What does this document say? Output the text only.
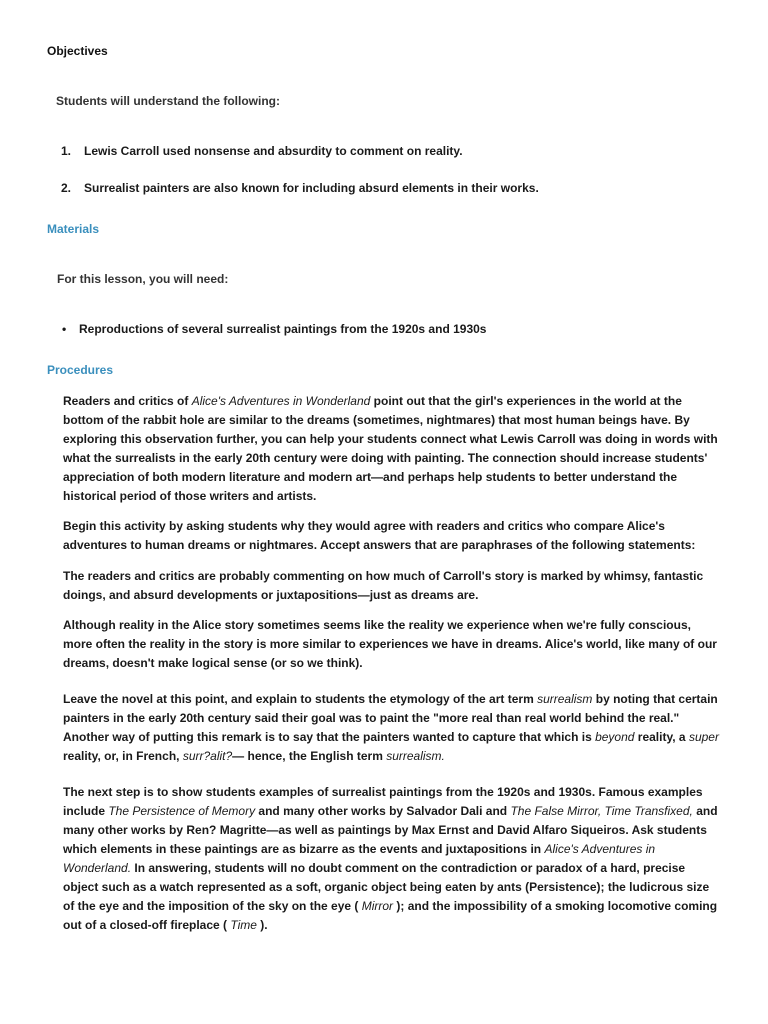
Objectives

Students will understand the following:

1. Lewis Carroll used nonsense and absurdity to comment on reality.
2. Surrealist painters are also known for including absurd elements in their works.
Materials

For this lesson, you will need:

• Reproductions of several surrealist paintings from the 1920s and 1930s
Procedures

Readers and critics of Alice's Adventures in Wonderland point out that the girl's experiences in the world at the bottom of the rabbit hole are similar to the dreams (sometimes, nightmares) that most human beings have. By exploring this observation further, you can help your students connect what Lewis Carroll was doing in words with what the surrealists in the early 20th century were doing with painting. The connection should increase students' appreciation of both modern literature and modern art—and perhaps help students to better understand the historical period of those writers and artists.

Begin this activity by asking students why they would agree with readers and critics who compare Alice's adventures to human dreams or nightmares. Accept answers that are paraphrases of the following statements:

The readers and critics are probably commenting on how much of Carroll's story is marked by whimsy, fantastic doings, and absurd developments or juxtapositions—just as dreams are.

Although reality in the Alice story sometimes seems like the reality we experience when we're fully conscious, more often the reality in the story is more similar to experiences we have in dreams. Alice's world, like many of our dreams, doesn't make logical sense (or so we think).

Leave the novel at this point, and explain to students the etymology of the art term surrealism by noting that certain painters in the early 20th century said their goal was to paint the "more real than real world behind the real." Another way of putting this remark is to say that the painters wanted to capture that which is beyond reality, a super reality, or, in French, surr?alit?— hence, the English term surrealism.

The next step is to show students examples of surrealist paintings from the 1920s and 1930s. Famous examples include The Persistence of Memory and many other works by Salvador Dali and The False Mirror, Time Transfixed, and many other works by Ren? Magritte—as well as paintings by Max Ernst and David Alfaro Siqueiros. Ask students which elements in these paintings are as bizarre as the events and juxtapositions in Alice's Adventures in Wonderland. In answering, students will no doubt comment on the contradiction or paradox of a hard, precise object such as a watch represented as a soft, organic object being eaten by ants (Persistence); the ludicrous size of the eye and the imposition of the sky on the eye ( Mirror ); and the impossibility of a smoking locomotive coming out of a closed-off fireplace ( Time ).
